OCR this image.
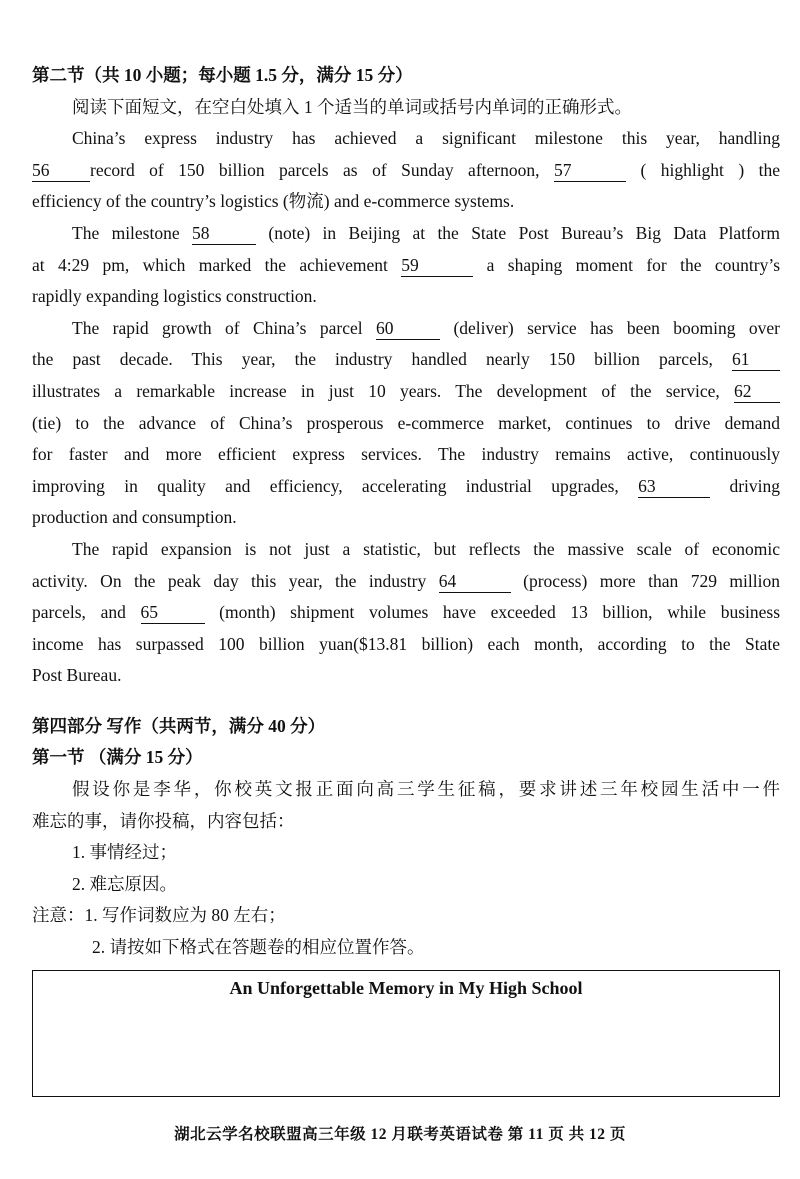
第二节（共 10 小题；每小题 1.5 分，满分 15 分）
阅读下面短文，在空白处填入 1 个适当的单词或括号内单词的正确形式。
China’s express industry has achieved a significant milestone this year, handling
56 record of 150 billion parcels as of Sunday afternoon, 57	( highlight ) the
efficiency of the country’s logistics (物流) and e-commerce systems.
The milestone 58	(note) in Beijing at the State Post Bureau’s Big Data Platform
at 4:29 pm, which marked the achievement 59	a shaping moment for the country’s
rapidly expanding logistics construction.
The rapid growth of China’s parcel 60	(deliver) service has been booming over
the past decade. This year, the industry handled nearly 150 billion parcels, 61
illustrates a remarkable increase in just 10 years. The development of the service, 62
(tie) to the advance of China’s prosperous e-commerce market, continues to drive demand
for faster and more efficient express services. The industry remains active, continuously
improving in quality and efficiency, accelerating industrial upgrades, 63	driving
production and consumption.
The rapid expansion is not just a statistic, but reflects the massive scale of economic
activity. On the peak day this year, the industry 64	(process) more than 729 million
parcels, and 65	(month) shipment volumes have exceeded 13 billion, while business
income has surpassed 100 billion yuan($13.81 billion) each month, according to the State
Post Bureau.
第四部分 写作（共两节，满分 40 分）
第一节 （满分 15 分）
假设你是李华，你校英文报正面向高三学生征稿，要求讲述三年校园生活中一件
难忘的事，请你投稿，内容包括：
1. 事情经过；
2. 难忘原因。
注意：1. 写作词数应为 80 左右；
2. 请按如下格式在答题卷的相应位置作答。
An Unforgettable Memory in My High School
湖北云学名校联盟高三年级 12 月联考英语试卷 第 11 页 共 12 页
